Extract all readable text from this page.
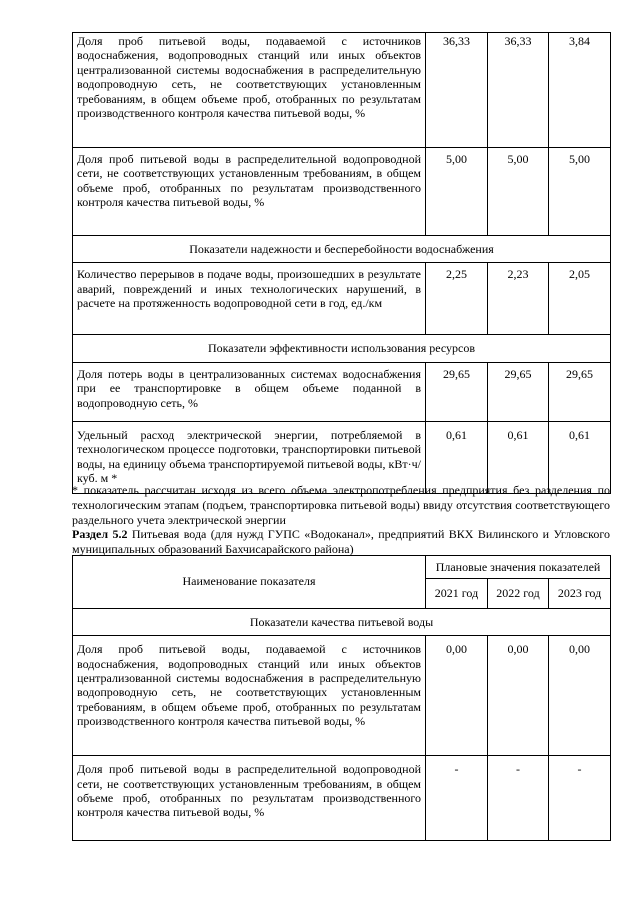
Доля проб питьевой воды, подаваемой с источников водоснабжения, водопроводных станций или иных объектов централизованной системы водоснабжения в распределительную водопроводную сеть, не соответствующих установленным требованиям, в общем объеме проб, отобранных по результатам производственного контроля качества питьевой воды, %	36,33	36,33	3,84
Доля проб питьевой воды в распределительной водопроводной сети, не соответствующих установленным требованиям, в общем объеме проб, отобранных по результатам производственного контроля качества питьевой воды, %	5,00	5,00	5,00
Показатели надежности и бесперебойности водоснабжения			
Количество перерывов в подаче воды, произошедших в результате аварий, повреждений и иных технологических нарушений, в расчете на протяженность водопроводной сети в год, ед./км	2,25	2,23	2,05
Показатели эффективности использования ресурсов			
Доля потерь воды в централизованных системах водоснабжения при ее транспортировке в общем объеме поданной в водопроводную сеть, %	29,65	29,65	29,65
Удельный расход электрической энергии, потребляемой в технологическом процессе подготовки, транспортировки питьевой воды, на единицу объема транспортируемой питьевой воды, кВт·ч/куб. м *	0,61	0,61	0,61
* показатель рассчитан исходя из всего объема электропотребления предприятия без разделения по технологическим этапам (подъем, транспортировка питьевой воды) ввиду отсутствия соответствующего раздельного учета электрической энергии
Раздел 5.2 Питьевая вода (для нужд ГУПС «Водоканал», предприятий ВКХ Вилинского и Угловского муниципальных образований Бахчисарайского района)
Наименование показателя	Плановые значения показателей		
	2021 год	2022 год	2023 год
Показатели качества питьевой воды			
Доля проб питьевой воды, подаваемой с источников водоснабжения, водопроводных станций или иных объектов централизованной системы водоснабжения в распределительную водопроводную сеть, не соответствующих установленным требованиям, в общем объеме проб, отобранных по результатам производственного контроля качества питьевой воды, %	0,00	0,00	0,00
Доля проб питьевой воды в распределительной водопроводной сети, не соответствующих установленным требованиям, в общем объеме проб, отобранных по результатам производственного контроля качества питьевой воды, %	-	-	-
